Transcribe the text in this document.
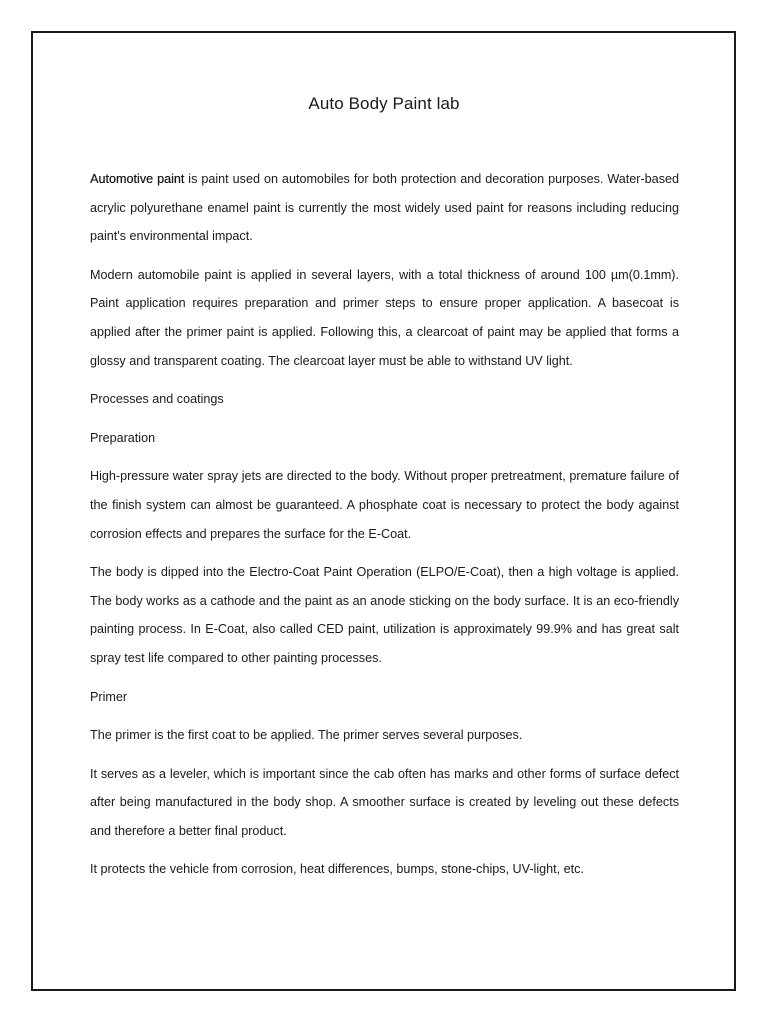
Auto Body Paint lab

Automotive paint is paint used on automobiles for both protection and decoration purposes. Water-based acrylic polyurethane enamel paint is currently the most widely used paint for reasons including reducing paint's environmental impact.

Modern automobile paint is applied in several layers, with a total thickness of around 100 µm(0.1mm). Paint application requires preparation and primer steps to ensure proper application. A basecoat is applied after the primer paint is applied. Following this, a clearcoat of paint may be applied that forms a glossy and transparent coating. The clearcoat layer must be able to withstand UV light.

Processes and coatings

Preparation

High-pressure water spray jets are directed to the body. Without proper pretreatment, premature failure of the finish system can almost be guaranteed. A phosphate coat is necessary to protect the body against corrosion effects and prepares the surface for the E-Coat.

The body is dipped into the Electro-Coat Paint Operation (ELPO/E-Coat), then a high voltage is applied. The body works as a cathode and the paint as an anode sticking on the body surface. It is an eco-friendly painting process. In E-Coat, also called CED paint, utilization is approximately 99.9% and has great salt spray test life compared to other painting processes.

Primer

The primer is the first coat to be applied. The primer serves several purposes.

It serves as a leveler, which is important since the cab often has marks and other forms of surface defect after being manufactured in the body shop. A smoother surface is created by leveling out these defects and therefore a better final product.

It protects the vehicle from corrosion, heat differences, bumps, stone-chips, UV-light, etc.
